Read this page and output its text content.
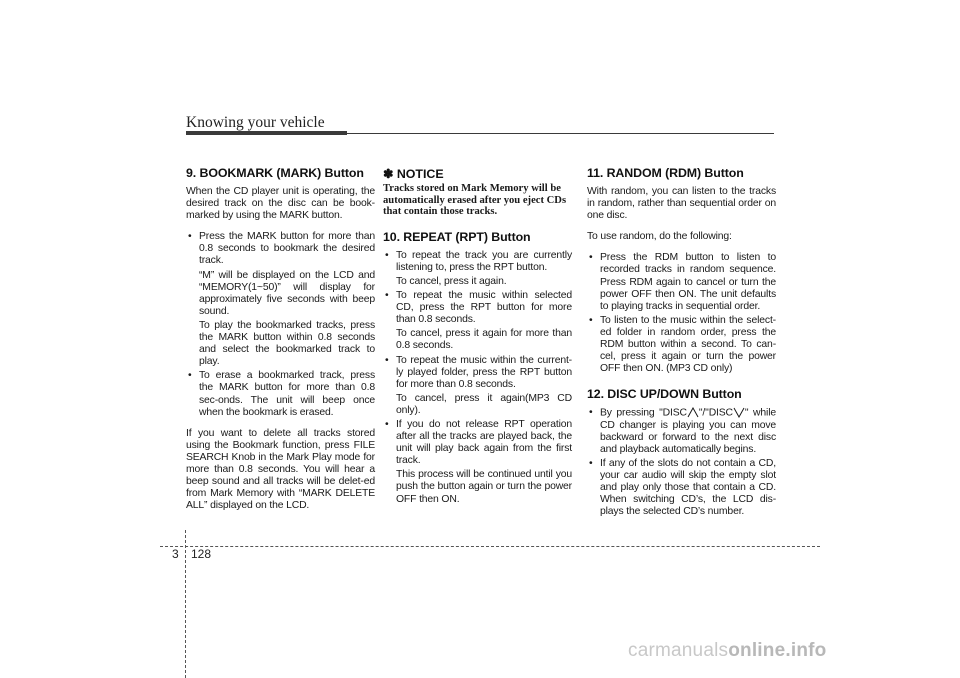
Knowing your vehicle
9. BOOKMARK (MARK) Button

When the CD player unit is operating, the desired track on the disc can be book-marked by using the MARK button.

• Press the MARK button for more than 0.8 seconds to bookmark the desired track.

“M” will be displayed on the LCD and “MEMORY(1~50)” will display for approximately five seconds with beep sound.

To play the bookmarked tracks, press the MARK button within 0.8 seconds and select the bookmarked track to play.

• To erase a bookmarked track, press the MARK button for more than 0.8 sec-onds. The unit will beep once when the bookmark is erased.

If you want to delete all tracks stored using the Bookmark function, press FILE SEARCH Knob in the Mark Play mode for more than 0.8 seconds. You will hear a beep sound and all tracks will be delet-ed from Mark Memory with “MARK DELETE ALL” displayed on the LCD.

✽ NOTICE
Tracks stored on Mark Memory will be automatically erased after you eject CDs that contain those tracks.
10. REPEAT (RPT) Button

• To repeat the track you are currently listening to, press the RPT button.

To cancel, press it again.

• To repeat the music within selected CD, press the RPT button for more than 0.8 seconds.

To cancel, press it again for more than 0.8 seconds.

• To repeat the music within the current-ly played folder, press the RPT button for more than 0.8 seconds.

To cancel, press it again(MP3 CD only).

• If you do not release RPT operation after all the tracks are played back, the unit will play back again from the first track.

This process will be continued until you push the button again or turn the power OFF then ON.

11. RANDOM (RDM) Button

With random, you can listen to the tracks in random, rather than sequential order on one disc.

To use random, do the following:

• Press the RDM button to listen to recorded tracks in random sequence. Press RDM again to cancel or turn the power OFF then ON. The unit defaults to playing tracks in sequential order.

• To listen to the music within the select-ed folder in random order, press the RDM button within a second. To can-cel, press it again or turn the power OFF then ON. (MP3 CD only)

12. DISC UP/DOWN Button

• By pressing "DISC "/"DISC " while CD changer is playing you can move backward or forward to the next disc and playback automatically begins.

• If any of the slots do not contain a CD, your car audio will skip the empty slot and play only those that contain a CD. When switching CD’s, the LCD dis-plays the selected CD’s number.

3 128
carmanualsonline.info
